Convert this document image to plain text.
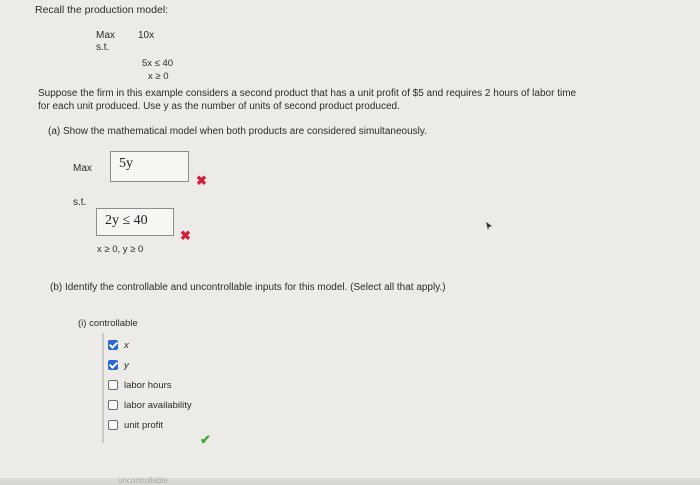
Recall the production model:
Max 10x
s.t.
5x ≤ 40
x ≥ 0
Suppose the firm in this example considers a second product that has a unit profit of $5 and requires 2 hours of labor time
for each unit produced. Use y as the number of units of second product produced.
(a) Show the mathematical model when both products are considered simultaneously.
Max	5y
✖
s.t.
2y ≤ 40
✖
x ≥ 0, y ≥ 0
(b) Identify the controllable and uncontrollable inputs for this model. (Select all that apply.)
(i) controllable
x
y
labor hours
labor availability
unit profit
✔
uncontrollable
